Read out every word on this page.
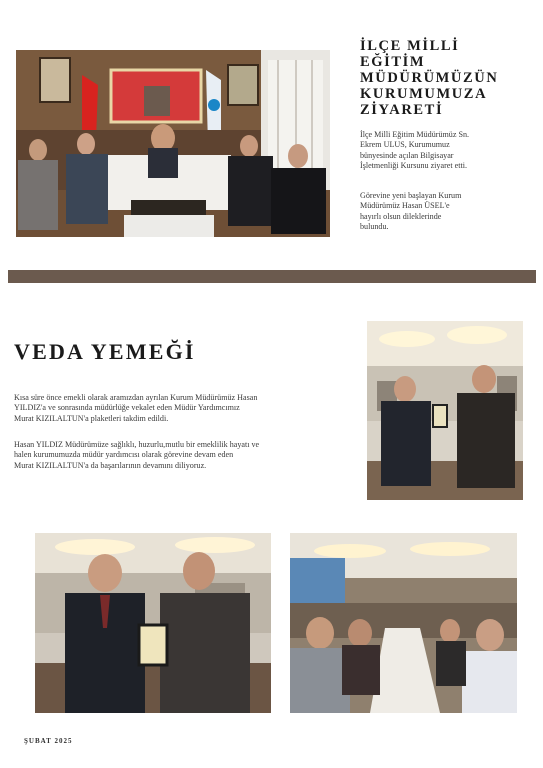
İLÇE MİLLİ
EĞİTİM
MÜDÜRÜMÜZÜN
KURUMUMUZA
ZİYARETİ
İlçe Milli Eğitim Müdürümüz Sn.
Ekrem ULUS, Kurumumuz
bünyesinde açılan Bilgisayar
İşletmenliği Kursunu ziyaret etti.
Görevine yeni başlayan Kurum
Müdürümüz Hasan ÜSEL'e
hayırlı olsun dileklerinde
bulundu.
VEDA YEMEĞİ
Kısa süre önce emekli olarak aramızdan ayrılan Kurum Müdürümüz Hasan
YILDIZ'a ve sonrasında müdürlüğe vekalet eden Müdür Yardımcımız
Murat KIZILALTUN'a plaketleri takdim edildi.
Hasan YILDIZ Müdürümüze sağlıklı, huzurlu,mutlu bir emeklilik hayatı ve
halen kurumumuzda müdür yardımcısı olarak görevine devam eden
Murat KIZILALTUN'a da başarılarının devamını diliyoruz.
ŞUBAT 2025
